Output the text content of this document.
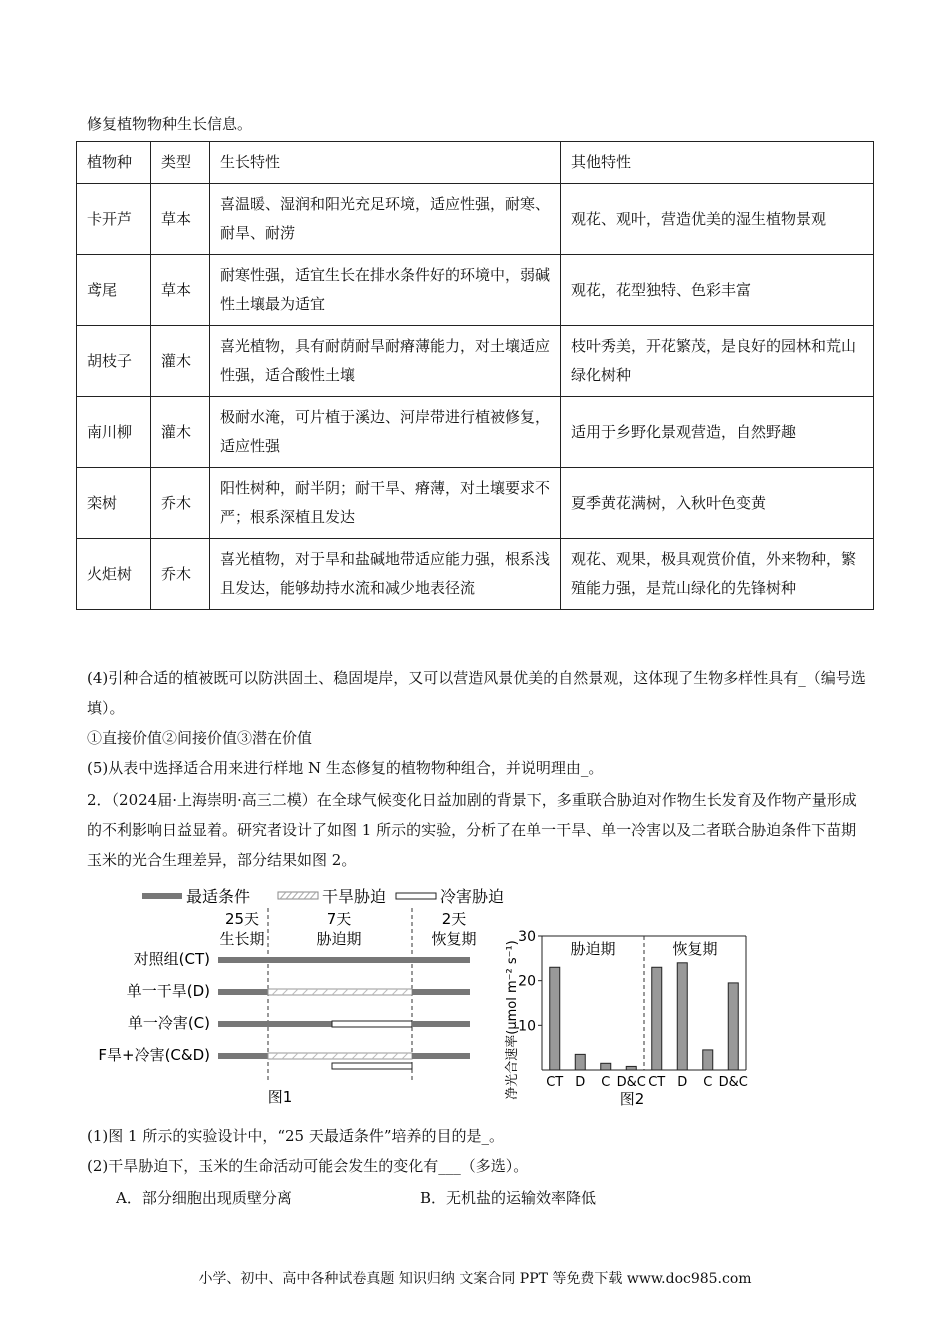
修复植物物种生长信息。
植物种	类型	生长特性	其他特性
卡开芦	草本	喜温暖、湿润和阳光充足环境，适应性强，耐寒、耐旱、耐涝	观花、观叶，营造优美的湿生植物景观
鸢尾	草本	耐寒性强，适宜生长在排水条件好的环境中，弱碱性土壤最为适宜	观花，花型独特、色彩丰富
胡枝子	灌木	喜光植物，具有耐荫耐旱耐瘠薄能力，对土壤适应性强，适合酸性土壤	枝叶秀美，开花繁茂，是良好的园林和荒山绿化树种
南川柳	灌木	极耐水淹，可片植于溪边、河岸带进行植被修复，适应性强	适用于乡野化景观营造，自然野趣
栾树	乔木	阳性树种，耐半阴；耐干旱、瘠薄，对土壤要求不严；根系深植且发达	夏季黄花满树，入秋叶色变黄
火炬树	乔木	喜光植物，对于旱和盐碱地带适应能力强，根系浅且发达，能够劫持水流和减少地表径流	观花、观果，极具观赏价值，外来物种，繁殖能力强，是荒山绿化的先锋树种
(4)引种合适的植被既可以防洪固土、稳固堤岸，又可以营造风景优美的自然景观，这体现了生物多样性具有_（编号选填）。
①直接价值②间接价值③潜在价值
(5)从表中选择适合用来进行样地 N 生态修复的植物物种组合，并说明理由_。
2．（2024届·上海崇明·高三二模）在全球气候变化日益加剧的背景下，多重联合胁迫对作物生长发育及作物产量形成的不利影响日益显着。研究者设计了如图 1 所示的实验，分析了在单一干旱、单一冷害以及二者联合胁迫条件下苗期玉米的光合生理差异，部分结果如图 2。
最适条件	干旱胁迫	冷害胁迫
25天
生长期
7天
胁迫期
2天
恢复期
对照组(CT)
单一干旱(D)
单一冷害(C)
F旱+冷害(C&D)
图1	净光合速率(μmol m⁻² s⁻¹)	图2
10
20
30
胁迫期
CT D C D&C
恢复期
CT D C D&C
(1)图 1 所示的实验设计中，“25 天最适条件”培养的目的是_。
(2)干旱胁迫下，玉米的生命活动可能会发生的变化有___（多选）。
A．部分细胞出现质壁分离	B．无机盐的运输效率降低
小学、初中、高中各种试卷真题 知识归纳 文案合同 PPT 等免费下载 www.doc985.com
